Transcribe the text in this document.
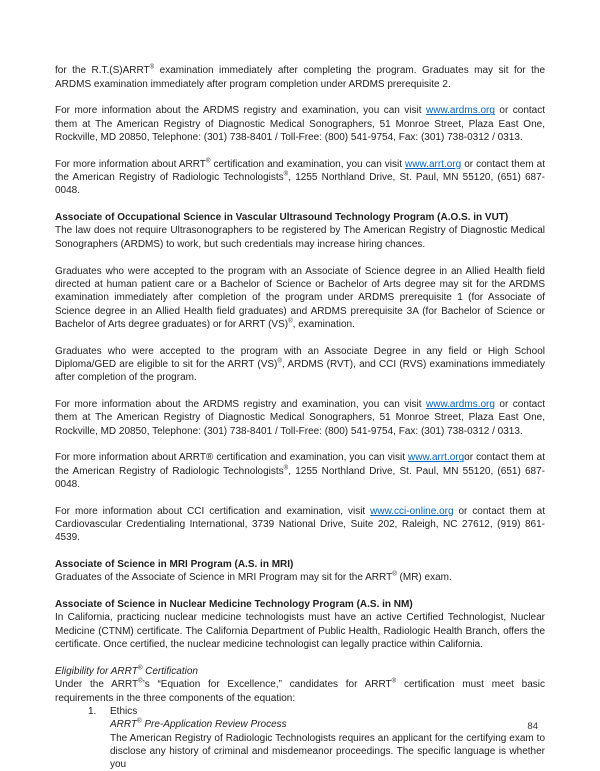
for the R.T.(S)ARRT® examination immediately after completing the program. Graduates may sit for the ARDMS examination immediately after program completion under ARDMS prerequisite 2.

For more information about the ARDMS registry and examination, you can visit www.ardms.org or contact them at The American Registry of Diagnostic Medical Sonographers, 51 Monroe Street, Plaza East One, Rockville, MD 20850, Telephone: (301) 738-8401 / Toll-Free: (800) 541-9754, Fax: (301) 738-0312 / 0313.

For more information about ARRT® certification and examination, you can visit www.arrt.org or contact them at the American Registry of Radiologic Technologists®, 1255 Northland Drive, St. Paul, MN 55120, (651) 687-0048.

Associate of Occupational Science in Vascular Ultrasound Technology Program (A.O.S. in VUT)

The law does not require Ultrasonographers to be registered by The American Registry of Diagnostic Medical Sonographers (ARDMS) to work, but such credentials may increase hiring chances.

Graduates who were accepted to the program with an Associate of Science degree in an Allied Health field directed at human patient care or a Bachelor of Science or Bachelor of Arts degree may sit for the ARDMS examination immediately after completion of the program under ARDMS prerequisite 1 (for Associate of Science degree in an Allied Health field graduates) and ARDMS prerequisite 3A (for Bachelor of Science or Bachelor of Arts degree graduates) or for ARRT (VS)®, examination.

Graduates who were accepted to the program with an Associate Degree in any field or High School Diploma/GED are eligible to sit for the ARRT (VS)®, ARDMS (RVT), and CCI (RVS) examinations immediately after completion of the program.

For more information about the ARDMS registry and examination, you can visit www.ardms.org or contact them at The American Registry of Diagnostic Medical Sonographers, 51 Monroe Street, Plaza East One, Rockville, MD 20850, Telephone: (301) 738-8401 / Toll-Free: (800) 541-9754, Fax: (301) 738-0312 / 0313.

For more information about ARRT® certification and examination, you can visit www.arrt.orgor contact them at the American Registry of Radiologic Technologists®, 1255 Northland Drive, St. Paul, MN 55120, (651) 687-0048.

For more information about CCI certification and examination, visit www.cci-online.org or contact them at Cardiovascular Credentialing International, 3739 National Drive, Suite 202, Raleigh, NC 27612, (919) 861-4539.

Associate of Science in MRI Program (A.S. in MRI)

Graduates of the Associate of Science in MRI Program may sit for the ARRT® (MR) exam.

Associate of Science in Nuclear Medicine Technology Program (A.S. in NM)

In California, practicing nuclear medicine technologists must have an active Certified Technologist, Nuclear Medicine (CTNM) certificate. The California Department of Public Health, Radiologic Health Branch, offers the certificate. Once certified, the nuclear medicine technologist can legally practice within California.

Eligibility for ARRT® Certification

Under the ARRT®’s “Equation for Excellence,” candidates for ARRT® certification must meet basic requirements in the three components of the equation:

1.	Ethics

ARRT® Pre-Application Review Process

The American Registry of Radiologic Technologists requires an applicant for the certifying exam to disclose any history of criminal and misdemeanor proceedings. The specific language is whether you

84
